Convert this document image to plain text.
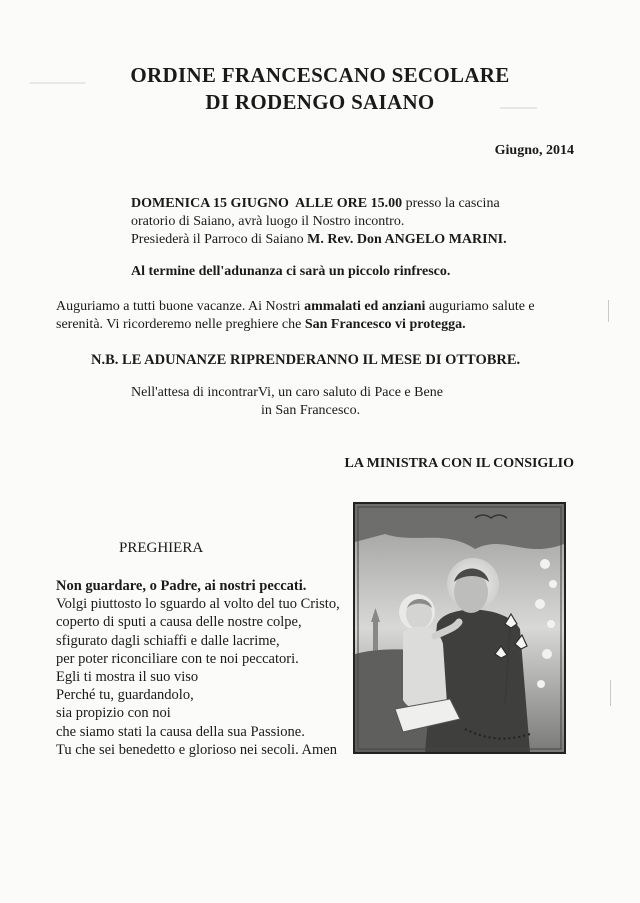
▁▁▁▁▁▁
▁▁▁▁
ORDINE FRANCESCANO SECOLARE
DI RODENGO SAIANO
Giugno, 2014
DOMENICA 15 GIUGNO  ALLE ORE 15.00 presso la cascina
oratorio di Saiano, avrà luogo il Nostro incontro.
Presiederà il Parroco di Saiano M. Rev. Don ANGELO MARINI.
Al termine dell'adunanza ci sarà un piccolo rinfresco.
Auguriamo a tutti buone vacanze. Ai Nostri ammalati ed anziani auguriamo salute e
serenità. Vi ricorderemo nelle preghiere che San Francesco vi protegga.
N.B. LE ADUNANZE RIPRENDERANNO IL MESE DI OTTOBRE.
Nell'attesa di incontrarVi, un caro saluto di Pace e Bene
in San Francesco.
LA MINISTRA CON IL CONSIGLIO
PREGHIERA
Non guardare, o Padre, ai nostri peccati.
Volgi piuttosto lo sguardo al volto del tuo Cristo,
coperto di sputi a causa delle nostre colpe,
sfigurato dagli schiaffi e dalle lacrime,
per poter riconciliare con te noi peccatori.
Egli ti mostra il suo viso
Perché tu, guardandolo,
sia propizio con noi
che siamo stati la causa della sua Passione.
Tu che sei benedetto e glorioso nei secoli. Amen
